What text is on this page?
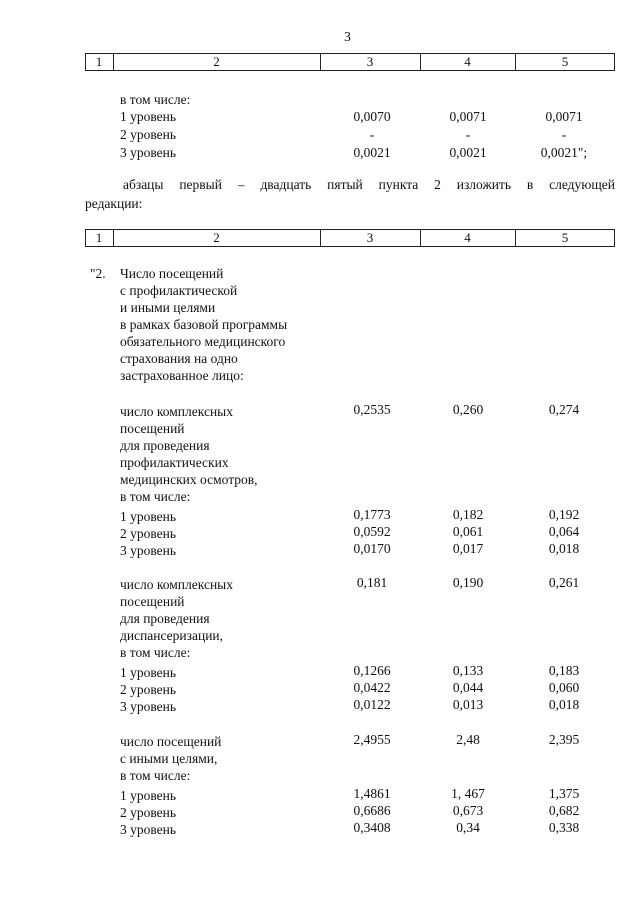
3
1	2	3	4	5
в том числе:
1 уровень	0,0070	0,0071	0,0071
2 уровень	-	-	-
3 уровень	0,0021	0,0021	0,0021";
абзацы первый – двадцать пятый пункта 2 изложить в следующей
редакции:
1	2	3	4	5
"2. Число посещений
с профилактической
и иными целями
в рамках базовой программы
обязательного медицинского
страхования на одно
застрахованное лицо:
число комплексных
посещений
для проведения
профилактических
медицинских осмотров,
в том числе:
0,2535	0,260	0,274
1 уровень	0,1773	0,182	0,192
2 уровень	0,0592	0,061	0,064
3 уровень	0,0170	0,017	0,018
число комплексных
посещений
для проведения
диспансеризации,
в том числе:
0,181	0,190	0,261
1 уровень	0,1266	0,133	0,183
2 уровень	0,0422	0,044	0,060
3 уровень	0,0122	0,013	0,018
число посещений
с иными целями,
в том числе:
2,4955	2,48	2,395
1 уровень	1,4861	1, 467	1,375
2 уровень	0,6686	0,673	0,682
3 уровень	0,3408	0,34	0,338
